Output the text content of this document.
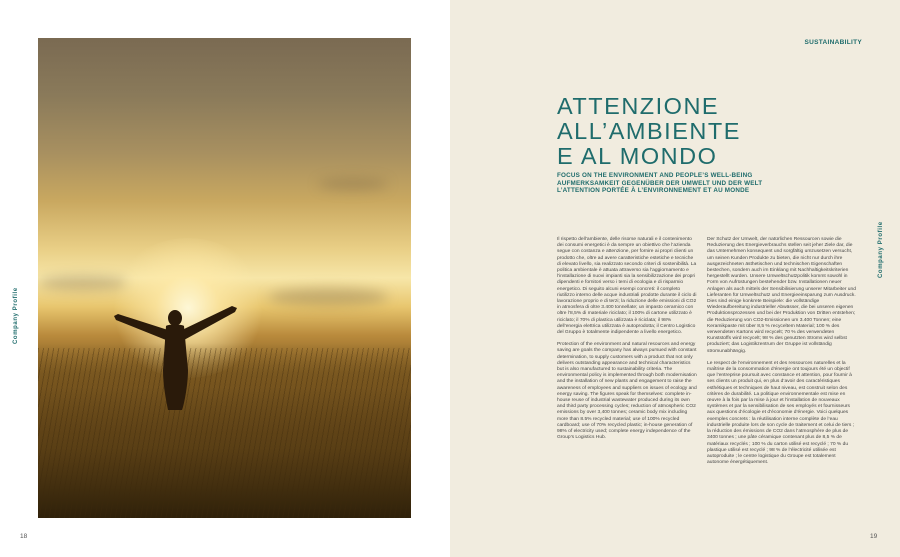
Company Profile
18
SUSTAINABILITY
ATTENZIONE
ALL’AMBIENTE
E AL MONDO
FOCUS ON THE ENVIRONMENT AND PEOPLE’S WELL-BEING
AUFMERKSAMKEIT GEGENÜBER DER UMWELT UND DER WELT
L’ATTENTION PORTÉE À L’ENVIRONNEMENT ET AU MONDE

Il rispetto dell’ambiente, delle risorse naturali e il contenimento dei consumi energetici è da sempre un obiettivo che l’azienda segue con costanza e attenzione, per fornire ai propri clienti un prodotto che, oltre ad avere caratteristiche estetiche e tecniche di elevato livello, sia realizzato secondo criteri di sostenibilità. La politica ambientale è attuata attraverso sia l’aggiornamento e l’installazione di nuovi impianti sia la sensibilizzazione dei propri dipendenti e fornitori verso i temi di ecologia e di risparmio energetico. Di seguito alcuni esempi concreti: il completo riutilizzo interno delle acque industriali prodotte durante il ciclo di lavorazione proprio e di terzi; la riduzione delle emissioni di CO2 in atmosfera di oltre 3.400 tonnellate; un impasto ceramico con oltre l’8,5% di materiale riciclato; il 100% di cartone utilizzato è riciclato; il 70% di plastica utilizzata è riciclata; il 98% dell’energia elettrica utilizzata è autoprodotta; il Centro Logistico del Gruppo è totalmente indipendente a livello energetico.

Protection of the environment and natural resources and energy saving are goals the company has always pursued with constant determination, to supply customers with a product that not only delivers outstanding appearance and technical characteristics but is also manufactured to sustainability criteria. The environmental policy is implemented through both modernisation and the installation of new plants and engagement to raise the awareness of employees and suppliers on issues of ecology and energy saving. The figures speak for themselves: complete in-house reuse of industrial wastewater produced during its own and third party processing cycles; reduction of atmospheric CO2 emissions by over 3,400 tonnes; ceramic body mix including more than 8.5% recycled material; use of 100% recycled cardboard; use of 70% recycled plastic; in-house generation of 98% of electricity used; complete energy independence of the Group’s Logistics Hub.

Der Schutz der Umwelt, der natürlichen Ressourcen sowie die Reduzierung des Energieverbrauchs stellen seit jeher Ziele dar, die das Unternehmen konsequent und sorgfältig umzusetzen versucht, um seinen Kunden Produkte zu bieten, die nicht nur durch ihre ausgezeichneten ästhetischen und technischen Eigenschaften bestechen, sondern auch im Einklang mit Nachhaltigkeitskriterien hergestellt wurden. Unsere Umweltschutzpolitik kommt sowohl in Form von Aufrüstungen bestehender bzw. Installationen neuer Anlagen als auch mittels der Sensibilisierung unserer Mitarbeiter und Lieferanten für Umweltschutz und Energieeinsparung zum Ausdruck. Dies sind einige konkrete Beispiele: die vollständige Wiederaufbereitung industrieller Abwässer, die bei unseren eigenen Produktionsprozessen und bei der Produktion von Dritten entstehen; die Reduzierung von CO2-Emissionen um 3.400 Tonnen; eine Keramikpaste mit über 8,5 % recyceltem Material; 100 % des verwendeten Kartons wird recycelt; 70 % des verwendeten Kunststoffs wird recycelt; 98 % des genutzten Stroms wird selbst produziert; das Logistikzentrum der Gruppe ist vollständig stromunabhängig.

Le respect de l’environnement et des ressources naturelles et la maîtrise de la consommation d’énergie ont toujours été un objectif que l’entreprise poursuit avec constance et attention, pour fournir à ses clients un produit qui, en plus d’avoir des caractéristiques esthétiques et techniques de haut niveau, est construit selon des critères de durabilité. La politique environnementale est mise en œuvre à la fois par la mise à jour et l’installation de nouveaux systèmes et par la sensibilisation de ses employés et fournisseurs aux questions d’écologie et d’économie d’énergie. Voici quelques exemples concrets : la réutilisation interne complète de l’eau industrielle produite lors de son cycle de traitement et celui de tiers ; la réduction des émissions de CO2 dans l’atmosphère de plus de 3400 tonnes ; une pâte céramique contenant plus de 8,5 % de matériaux recyclés ; 100 % du carton utilisé est recyclé ; 70 % du plastique utilisé est recyclé ; 98 % de l’électricité utilisée est autoproduite ; le centre logistique du Groupe est totalement autonome énergétiquement.

Company Profile
19
